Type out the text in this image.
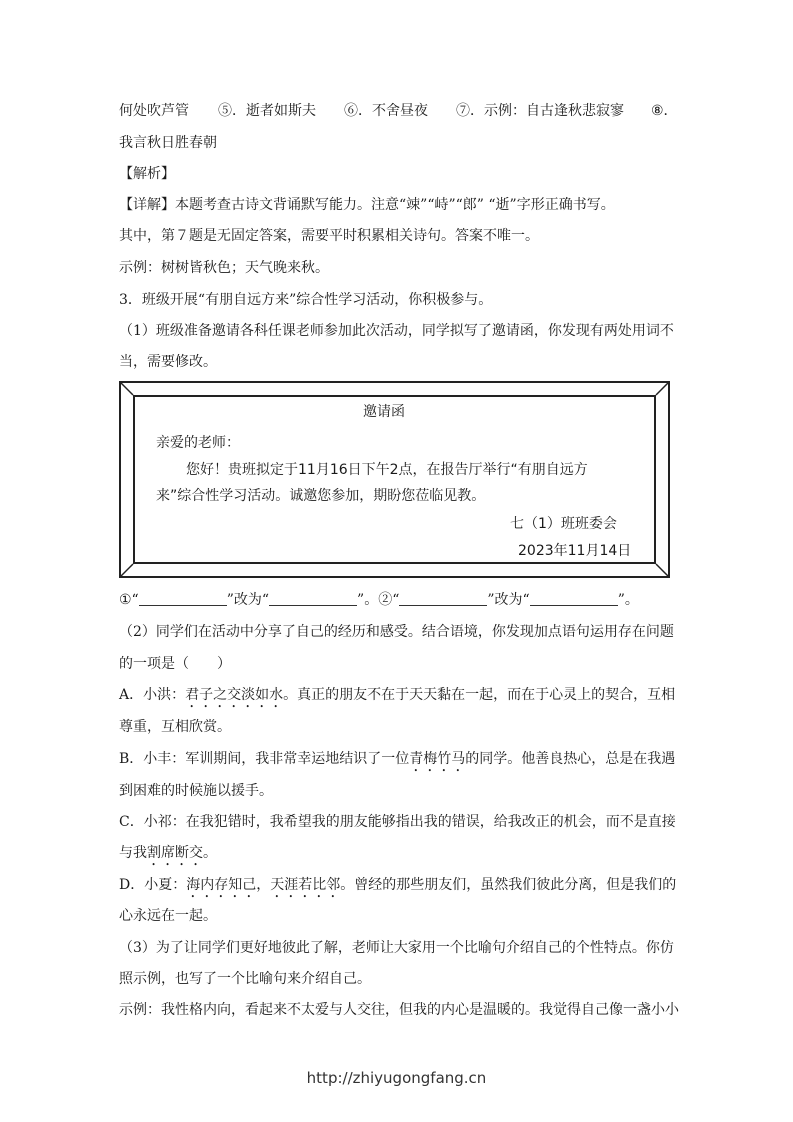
何处吹芦管 ⑤．逝者如斯夫 ⑥．不舍昼夜 ⑦．示例：自古逢秋悲寂寥 ⑧．
我言秋日胜春朝
【解析】
【详解】本题考查古诗文背诵默写能力。注意“竦”“峙”“郎” “逝”字形正确书写。
其中，第７题是无固定答案，需要平时积累相关诗句。答案不唯一。
示例：树树皆秋色；天气晚来秋。
3．班级开展“有朋自远方来”综合性学习活动，你积极参与。
（1）班级准备邀请各科任课老师参加此次活动，同学拟写了邀请函，你发现有两处用词不
当，需要修改。
邀请函
亲爱的老师：
您好！贵班拟定于11月16日下午2点，在报告厅举行“有朋自远方
来”综合性学习活动。诚邀您参加，期盼您莅临见教。
七（1）班班委会
2023年11月14日
①“	”改为“	”。②“	”改为“	”。
（2）同学们在活动中分享了自己的经历和感受。结合语境，你发现加点语句运用存在问题
的一项是（　　）
A．小洪：君子之交淡如水。真正的朋友不在于天天黏在一起，而在于心灵上的契合，互相
尊重，互相欣赏。
B．小丰：军训期间，我非常幸运地结识了一位青梅竹马的同学。他善良热心，总是在我遇
到困难的时候施以援手。
C．小祁：在我犯错时，我希望我的朋友能够指出我的错误，给我改正的机会，而不是直接
与我割席断交。
D．小夏：海内存知己，天涯若比邻。曾经的那些朋友们，虽然我们彼此分离，但是我们的
心永远在一起。
（3）为了让同学们更好地彼此了解，老师让大家用一个比喻句介绍自己的个性特点。你仿
照示例，也写了一个比喻句来介绍自己。
示例：我性格内向，看起来不太爱与人交往，但我的内心是温暖的。我觉得自己像一盏小小
http://zhiyugongfang.cn
